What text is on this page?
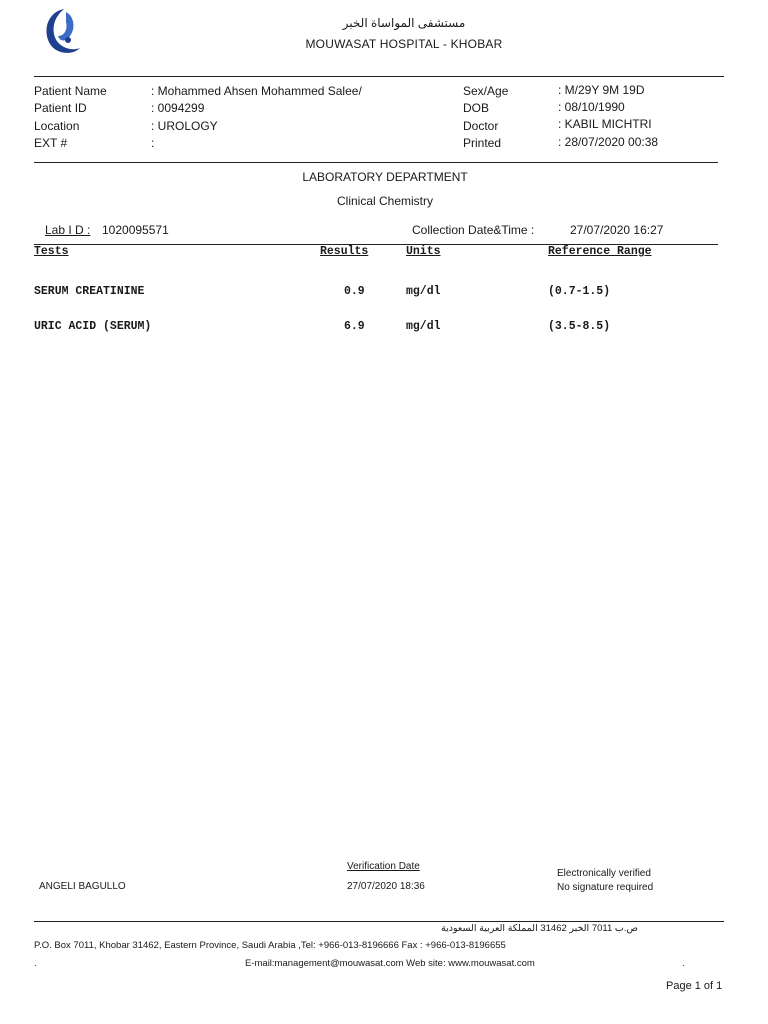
مستشفى المواساة الخبر
MOUWASAT HOSPITAL - KHOBAR
Patient Name	: Mohammed Ahsen Mohammed Salee/
Patient ID	: 0094299
Location	: UROLOGY
EXT #	:
Sex/Age	: M/29Y 9M 19D
DOB	: 08/10/1990
Doctor	: KABIL MICHTRI
Printed	: 28/07/2020 00:38
LABORATORY DEPARTMENT
Clinical Chemistry
Lab I D : 1020095571	Collection Date&Time :	27/07/2020 16:27
Tests	Results	Units	Reference Range
SERUM CREATININE	0.9	mg/dl	(0.7-1.5)
URIC ACID (SERUM)	6.9	mg/dl	(3.5-8.5)
Verification Date
27/07/2020 18:36
ANGELI BAGULLO
Electronically verified
No signature required
ص.ب 7011 الخبر 31462 المملكة العربية السعودية
P.O. Box 7011, Khobar 31462, Eastern Province, Saudi Arabia ,Tel: +966-013-8196666 Fax : +966-013-8196655
.	E-mail:management@mouwasat.com Web site: www.mouwasat.com	.
Page 1 of 1
